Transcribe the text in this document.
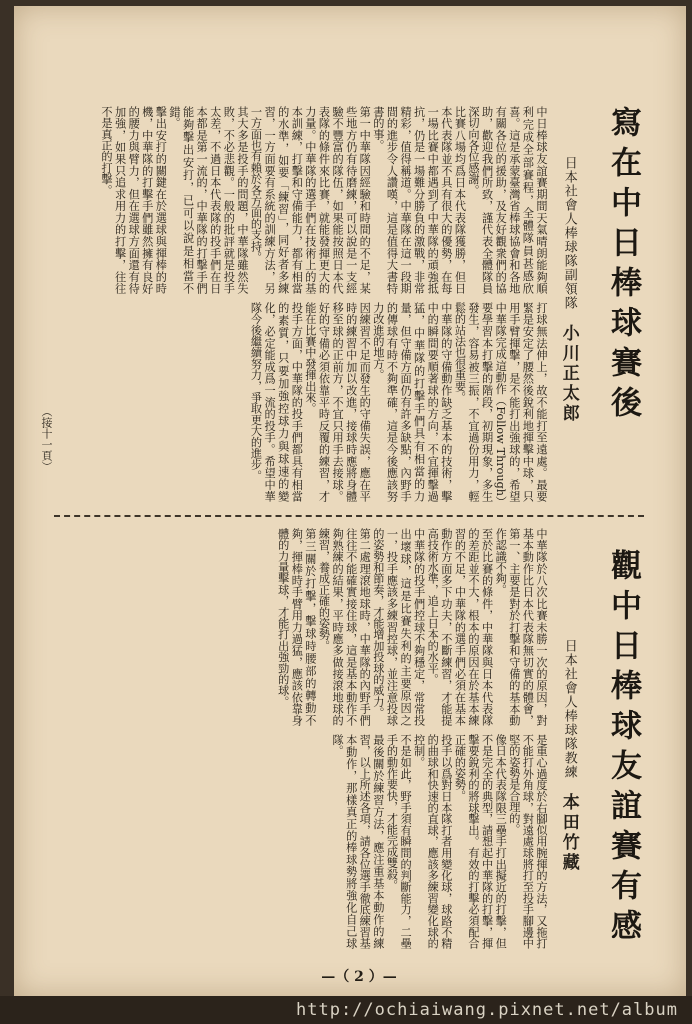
寫在中日棒球賽後
日本社會人棒球隊副領隊小川正太郎

中日棒球友誼賽期間天氣晴朗能夠順利完成全部賽程，全體隊員甚感欣喜。這是承蒙臺灣省棒球協會和各地有關各位的援助，及友好觀衆們的協助，歡迎我們所致，謹代表全體隊員深切向各位感謝。

比賽八場均爲日本代表隊獲勝，但日本代表隊並不具有很大的優勢，在每一場比賽中都遇到了中華隊的頑強抵抗，仍是一場難分勝負的激戰，非常精彩，值得稱道。中華隊在這一段期間的進步令人讚嘆，這是值得大書特書的事。

第一中華隊因經驗和時間的不足，某些地方仍有待磨練，可以說是一支經驗不豐富的隊伍，如果能按照日本代表隊的條件來比賽，就能發揮更大的力量。中華隊的選手們在技術上的基本訓練，打擊和守備能力，都有相當的水準，如要「練習」，同好者多練習，一方面要有系統的訓練方法，另一方面也有賴於各方面的支持。

其大多是投手的問題，中華隊雖然失敗，不必悲觀。一般的批評就是投手太差，不過日本代表隊的投手們在日本都是第一流的，中華隊的打擊手們能夠擊出安打，已可以說是相當不錯。

擊出安打的關鍵在於選球與揮棒的時機，中華隊的打擊手們雖然擁有良好的腰力與臂力，但在選球方面還有待加強，如果只追求用力的打擊，往往不是真正的打擊。

打球無法伸上，故不能打至遠處。最要緊是安定了腰然後銳利地揮擊中球，只用手臂揮擊，是不能打出強球的，希望中華隊完成這動作（Follow Through）要學習本打擊的階段，初期現象，多生發生，容易被三振，不宜過份用力，輕鬆的站法也很重要。

中華隊的守備動作缺乏基本的技術，擊中的瞬間要順著球的方向，不宜揮擊過猛，中華隊的打擊手們具有相當的力量，但守備方面仍有許多缺點，內野手的傳球有時不夠準確，這是今後應該努力改進的地方。

因練習不足而發生的守備失誤，應在平時的練習中加以改進，接球時應將身體移至球的正前方，不宜只用手去接球。好的守備必須依靠平時反覆的練習，才能在比賽中發揮出來。

投手方面，中華隊的投手們都具有相當的素質，只要加強控球力與球速的變化，必定能成爲一流的投手。希望中華隊今後繼續努力，爭取更大的進步。

（接十一頁）
觀中日棒球友誼賽有感
日本社會人棒球隊教練本田竹藏

中華隊於八次比賽未勝一次的原因，對基本動作比日本代表隊無切實的體會，第一、主要是對於打擊和守備的基本動作認識不夠。

至於比賽的條件，中華隊與日本代表隊的差距並不大，根本的原因在於基本練習的不足，中華隊的選手們必須在基本動作方面多下功夫，不斷練習，才能提高技術水準，追上日本的水平。

中華隊的投手們控球不夠穩定，常常投出壞球，這是比賽失利的主要原因之一，投手應該多練習控球，並注意投球的姿勢和節奏，才能增加投球的威力。

第二處理滾地球時，中華隊的內野手們往往不能確實接住球，這是基本動作不夠熟練的結果，平時應多做接滾地球的練習，養成正確的姿勢。

第三關於打擊，擊球時腰部的轉動不夠，揮棒時手臂用力過猛，應該依靠身體的力量擊球，才能打出強勁的球。

是重心過度於右腳似用腕揮的方法，又拖打不能打外角球，對遠處球將打至投手腳邊中堅的姿勢是合理的。

像日本代表隊限三壘手打出擬近的打擊，但不是完全的典型，請想起中華隊的打擊，揮擊要銳利的將球擊出。有效的打擊必須配合正確的姿勢。

投手以爲對日本隊打者用變化球，球路不精的曲球和快速的直球，應該多練習變化球的控制。

不是如此，野手須有瞬間的判斷能力，二壘手的動作要快，才能完成雙殺。

最後關於練習方法，應注重基本動作的練習，以上所述各項，請各位選手徹底練習基本動作，那樣真正的棒球勢將強化自己球隊。

—（ 2 ）—
http://ochiaiwang.pixnet.net/album
